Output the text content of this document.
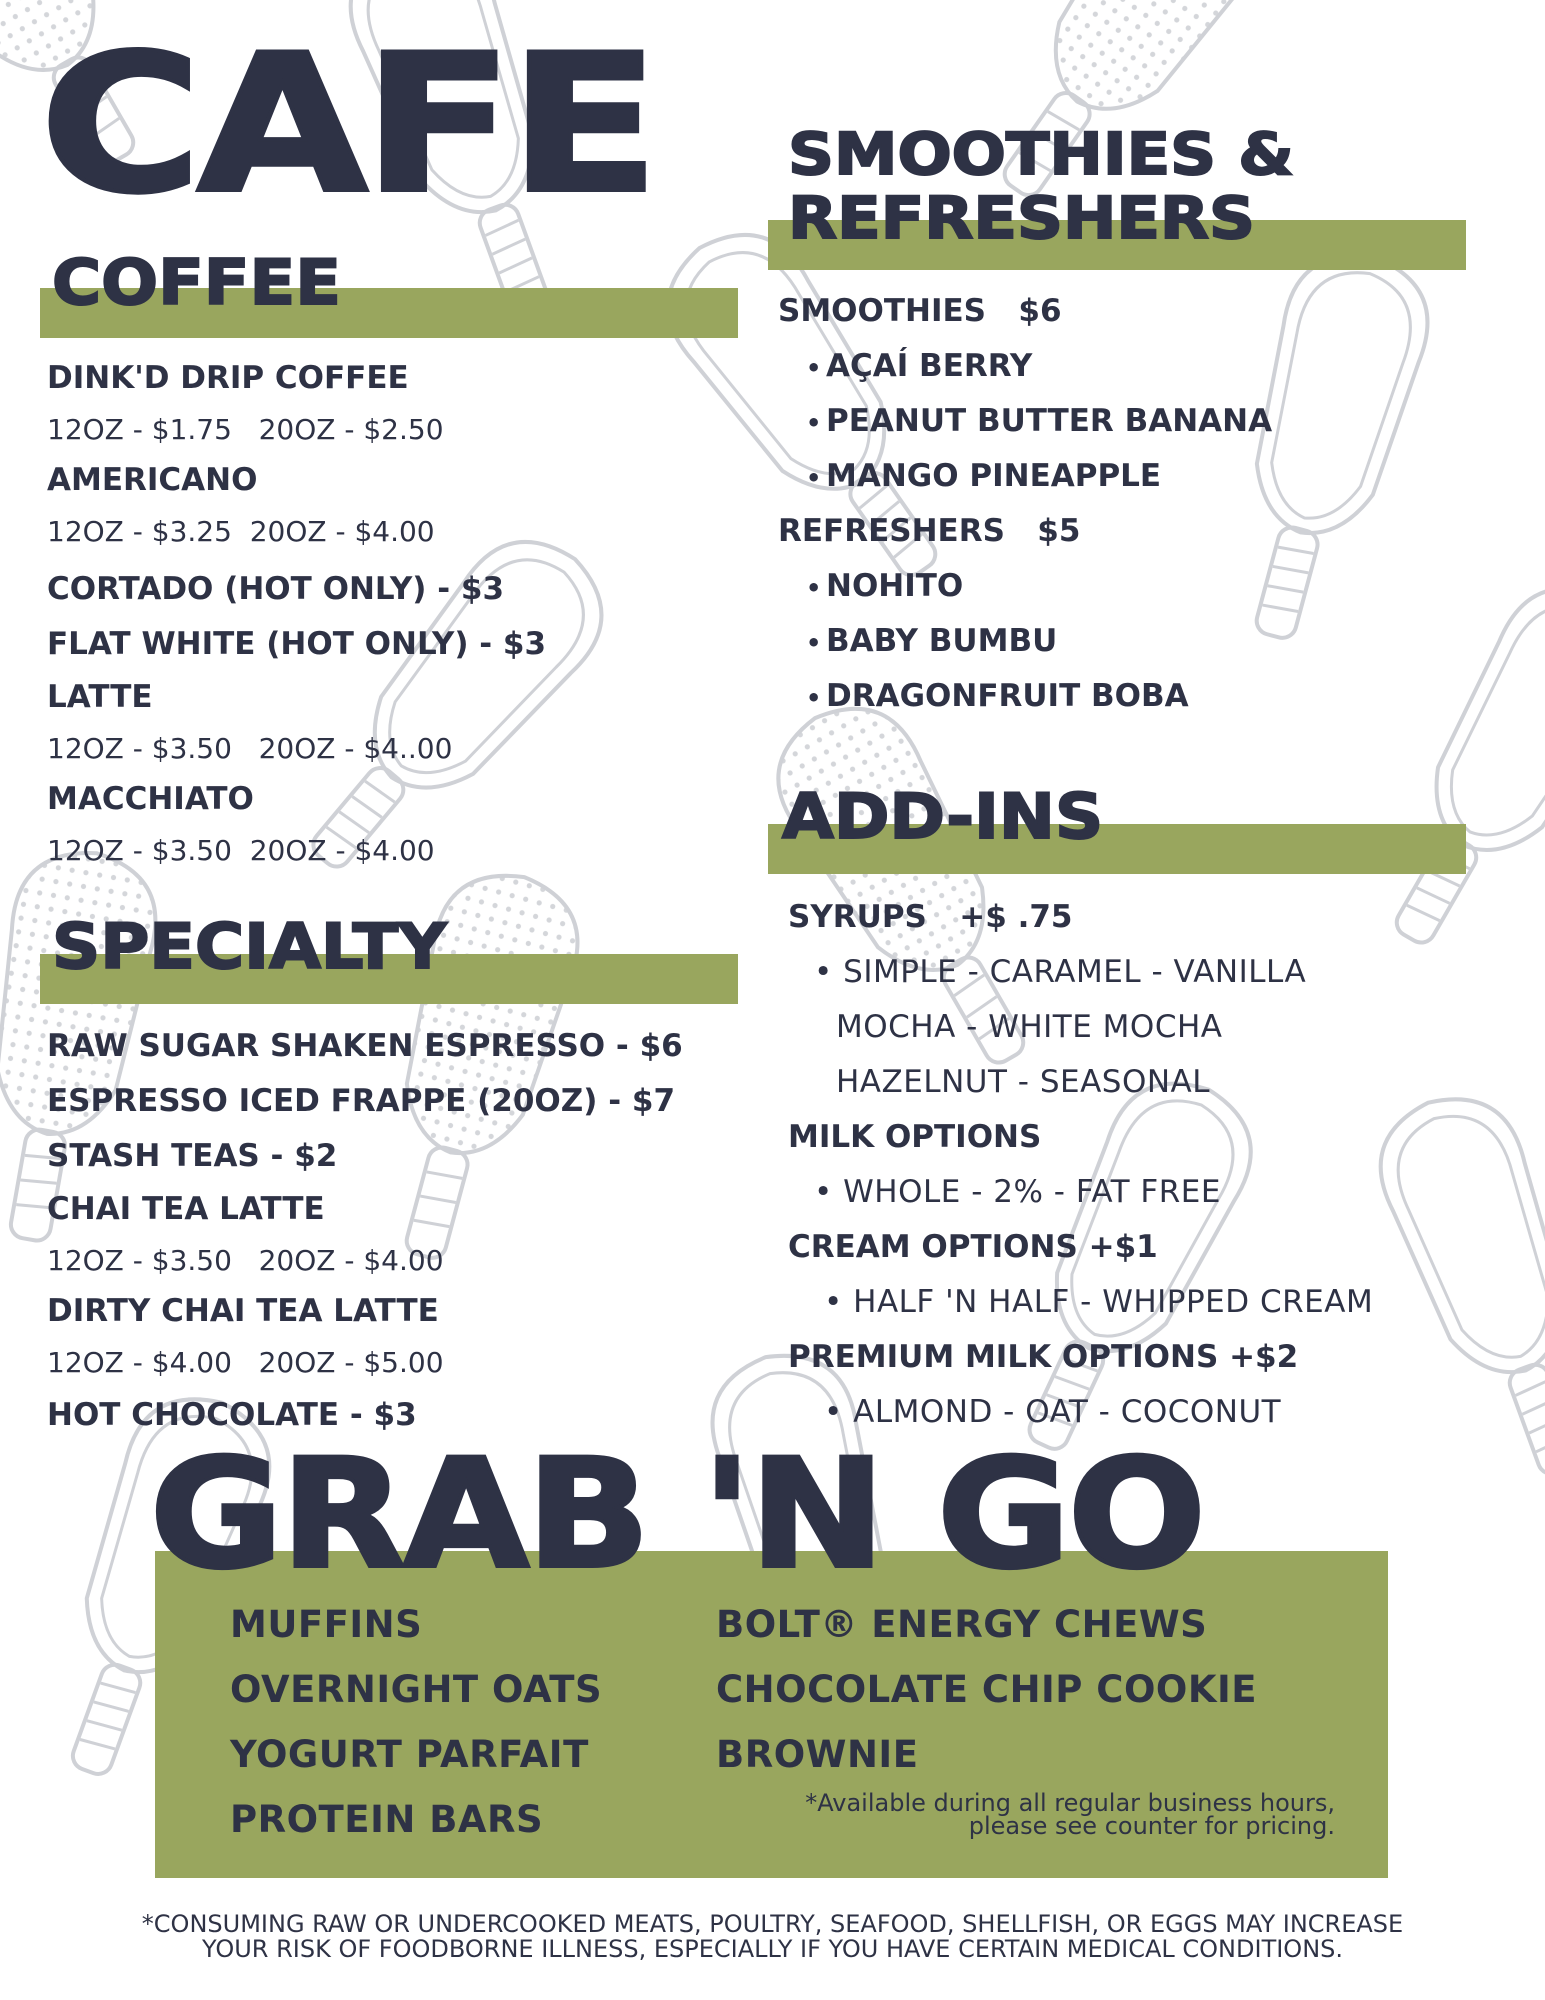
CAFE
COFFEE
DINK'D DRIP COFFEE
12OZ - $1.75   20OZ - $2.50
AMERICANO
12OZ - $3.25  20OZ - $4.00
CORTADO (HOT ONLY) - $3
FLAT WHITE (HOT ONLY) - $3
LATTE
12OZ - $3.50   20OZ - $4..00
MACCHIATO
12OZ - $3.50  20OZ - $4.00
SPECIALTY
RAW SUGAR SHAKEN ESPRESSO - $6
ESPRESSO ICED FRAPPE (20OZ) - $7
STASH TEAS - $2
CHAI TEA LATTE
12OZ - $3.50   20OZ - $4.00
DIRTY CHAI TEA LATTE
12OZ - $4.00   20OZ - $5.00
HOT CHOCOLATE - $3
SMOOTHIES &
REFRESHERS
SMOOTHIES   $6
• AÇAÍ BERRY
• PEANUT BUTTER BANANA
• MANGO PINEAPPLE
REFRESHERS   $5
• NOHITO
• BABY BUMBU
• DRAGONFRUIT BOBA
ADD-INS
SYRUPS   +$ .75
• SIMPLE - CARAMEL - VANILLA
MOCHA - WHITE MOCHA
HAZELNUT - SEASONAL
MILK OPTIONS
• WHOLE - 2% - FAT FREE
CREAM OPTIONS +$1
• HALF 'N HALF - WHIPPED CREAM
PREMIUM MILK OPTIONS +$2
• ALMOND - OAT - COCONUT
GRAB 'N GO
MUFFINS
OVERNIGHT OATS
YOGURT PARFAIT
PROTEIN BARS
BOLT® ENERGY CHEWS
CHOCOLATE CHIP COOKIE
BROWNIE
*Available during all regular business hours,
please see counter for pricing.
*CONSUMING RAW OR UNDERCOOKED MEATS, POULTRY, SEAFOOD, SHELLFISH, OR EGGS MAY INCREASE
YOUR RISK OF FOODBORNE ILLNESS, ESPECIALLY IF YOU HAVE CERTAIN MEDICAL CONDITIONS.
